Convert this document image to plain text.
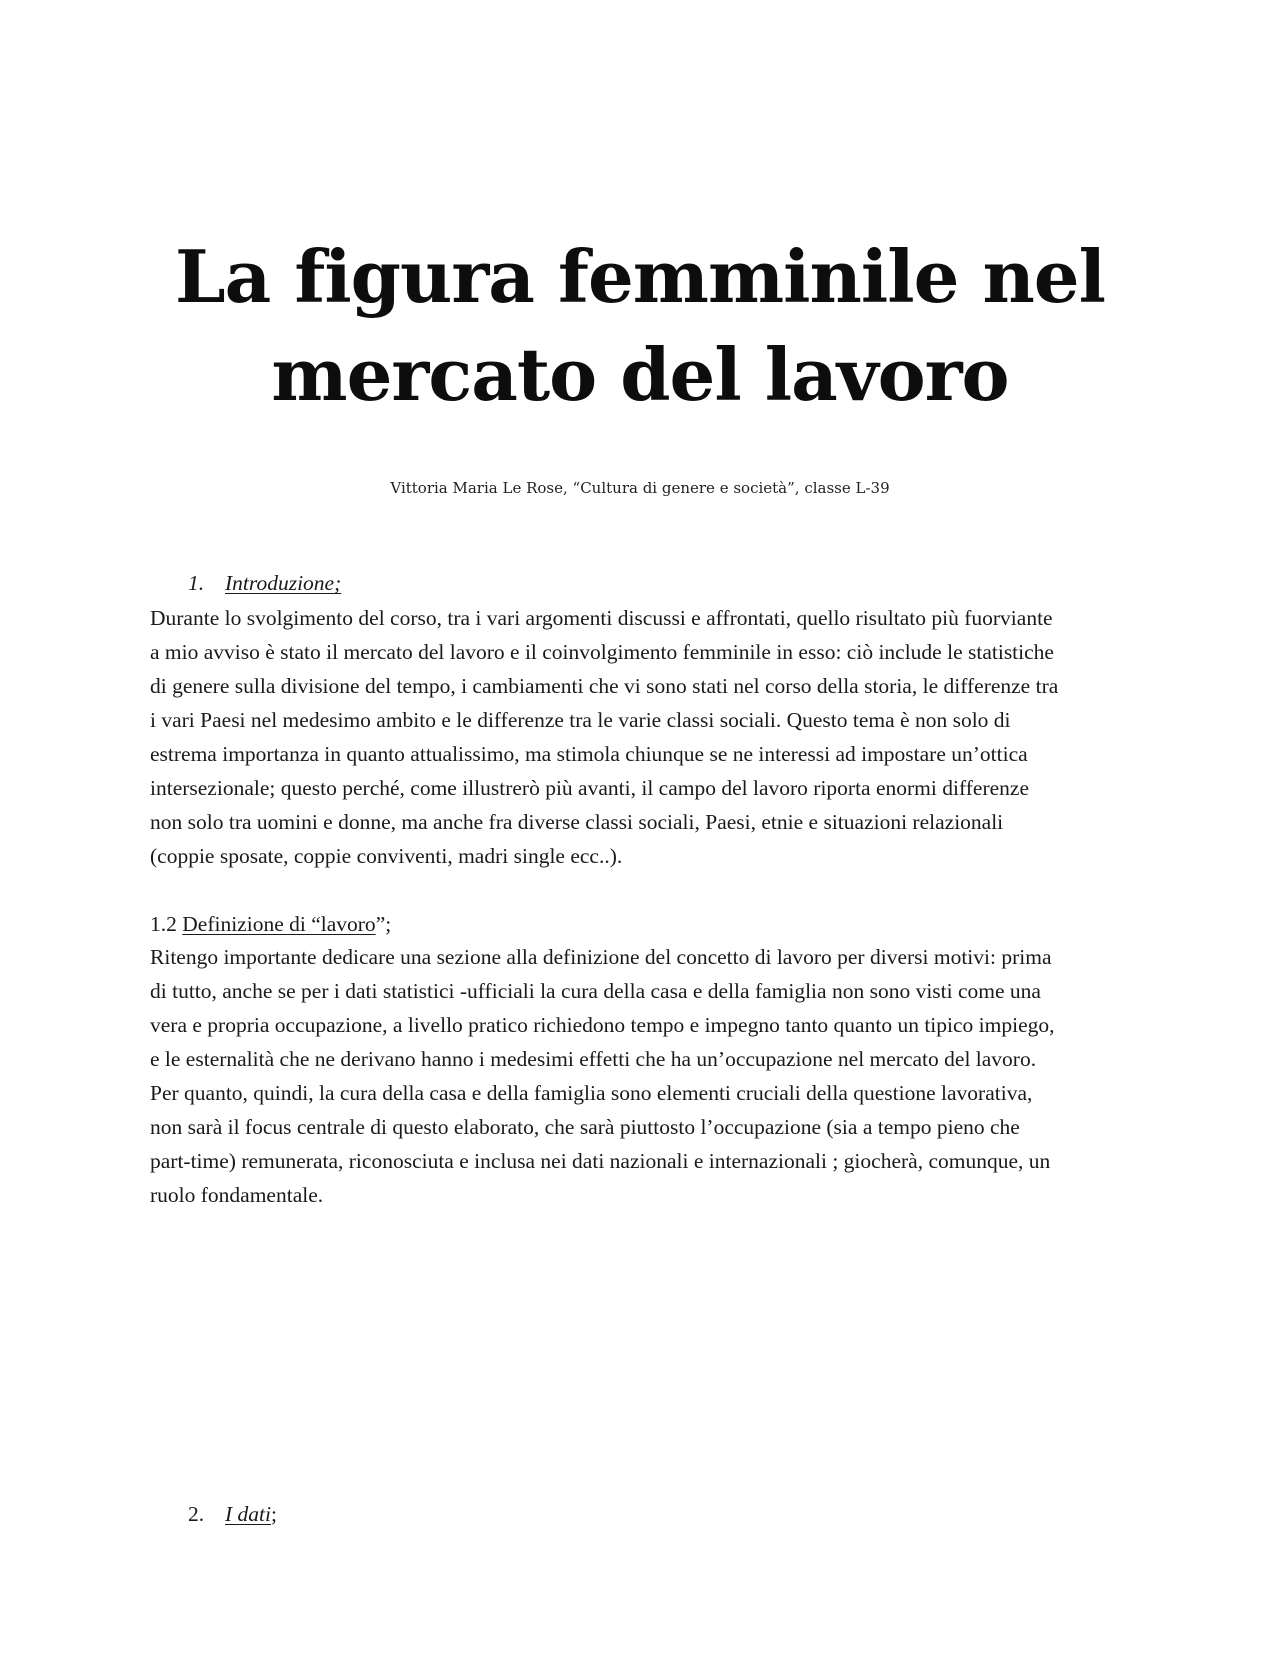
La figura femminile nel
mercato del lavoro
Vittoria Maria Le Rose, “Cultura di genere e società”, classe L-39
1. Introduzione;
Durante lo svolgimento del corso, tra i vari argomenti discussi e affrontati, quello risultato più fuorviante
a mio avviso è stato il mercato del lavoro e il coinvolgimento femminile in esso: ciò include le statistiche
di genere sulla divisione del tempo, i cambiamenti che vi sono stati nel corso della storia, le differenze tra
i vari Paesi nel medesimo ambito e le differenze tra le varie classi sociali. Questo tema è non solo di
estrema importanza in quanto attualissimo, ma stimola chiunque se ne interessi ad impostare un’ottica
intersezionale; questo perché, come illustrerò più avanti, il campo del lavoro riporta enormi differenze
non solo tra uomini e donne, ma anche fra diverse classi sociali, Paesi, etnie e situazioni relazionali
(coppie sposate, coppie conviventi, madri single ecc..).
1.2 Definizione di “lavoro”;
Ritengo importante dedicare una sezione alla definizione del concetto di lavoro per diversi motivi: prima
di tutto, anche se per i dati statistici -ufficiali la cura della casa e della famiglia non sono visti come una
vera e propria occupazione, a livello pratico richiedono tempo e impegno tanto quanto un tipico impiego,
e le esternalità che ne derivano hanno i medesimi effetti che ha un’occupazione nel mercato del lavoro.
Per quanto, quindi, la cura della casa e della famiglia sono elementi cruciali della questione lavorativa,
non sarà il focus centrale di questo elaborato, che sarà piuttosto l’occupazione (sia a tempo pieno che
part-time) remunerata, riconosciuta e inclusa nei dati nazionali e internazionali ; giocherà, comunque, un
ruolo fondamentale.
2. I dati;
